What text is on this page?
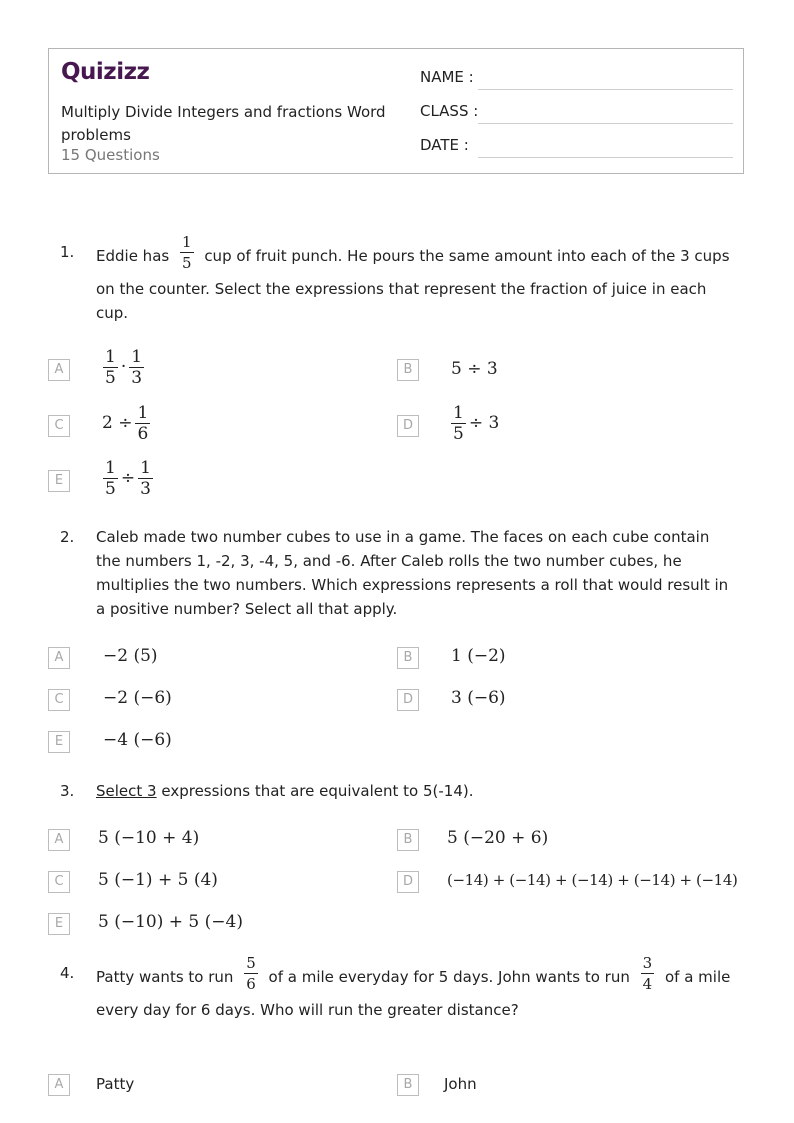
Quizizz
Multiply Divide Integers and fractions Word problems
15 Questions
NAME :
CLASS :
DATE :
1. Eddie has $\frac{1}{5}$ cup of fruit punch. He pours the same amount into each of the 3 cups on the counter. Select the expressions that represent the fraction of juice in each cup.
A	$\frac{1}{5} \cdot \frac{1}{3}$	B	5 ÷ 3
C	$2 \div \frac{1}{6}$	D	$\frac{1}{5} \div 3$
E	$\frac{1}{5} \div \frac{1}{3}$
2. Caleb made two number cubes to use in a game. The faces on each cube contain the numbers 1, -2, 3, -4, 5, and -6. After Caleb rolls the two number cubes, he multiplies the two numbers. Which expressions represents a roll that would result in a positive number? Select all that apply.
A	−2 (5)	B	1 (−2)
C	−2 (−6)	D	3 (−6)
E	−4 (−6)
3. Select 3 expressions that are equivalent to 5(-14).
A	5 (−10 + 4)	B	5 (−20 + 6)
C	5 (−1) + 5 (4)	D	(−14) + (−14) + (−14) + (−14) + (−14)
E	5 (−10) + 5 (−4)
4. Patty wants to run $\frac{5}{6}$ of a mile everyday for 5 days. John wants to run $\frac{3}{4}$ of a mile
every day for 6 days. Who will run the greater distance?
A	Patty	B	John
